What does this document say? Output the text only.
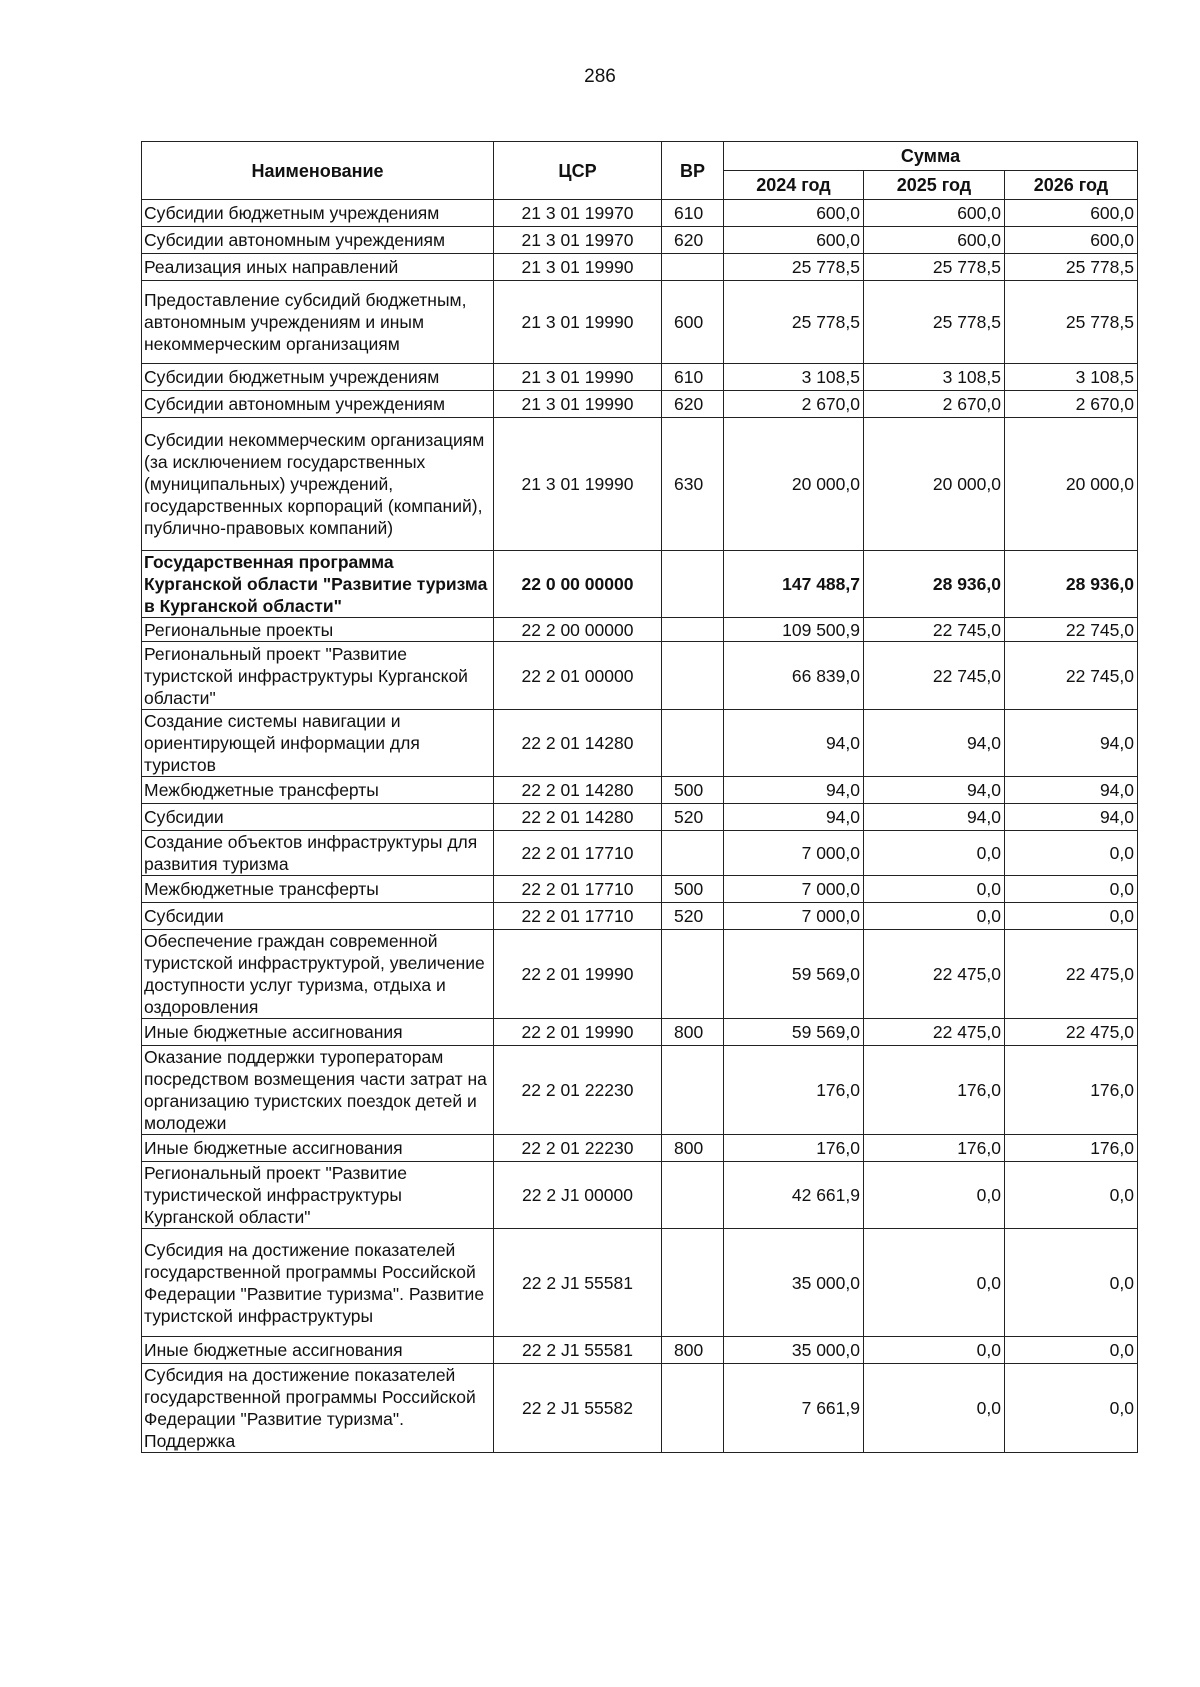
286
Наименование	ЦСР	ВР	Сумма		
			2024 год	2025 год	2026 год
Субсидии бюджетным учреждениям	21 3 01 19970	610	600,0	600,0	600,0
Субсидии автономным учреждениям	21 3 01 19970	620	600,0	600,0	600,0
Реализация иных направлений	21 3 01 19990		25 778,5	25 778,5	25 778,5
Предоставление субсидий бюджетным, автономным учреждениям и иным некоммерческим организациям	21 3 01 19990	600	25 778,5	25 778,5	25 778,5
Субсидии бюджетным учреждениям	21 3 01 19990	610	3 108,5	3 108,5	3 108,5
Субсидии автономным учреждениям	21 3 01 19990	620	2 670,0	2 670,0	2 670,0
Субсидии некоммерческим организациям (за исключением государственных (муниципальных) учреждений, государственных корпораций (компаний), публично-правовых компаний)	21 3 01 19990	630	20 000,0	20 000,0	20 000,0
Государственная программа Курганской области "Развитие туризма в Курганской области"	22 0 00 00000		147 488,7	28 936,0	28 936,0
Региональные проекты	22 2 00 00000		109 500,9	22 745,0	22 745,0
Региональный проект "Развитие туристской инфраструктуры Курганской области"	22 2 01 00000		66 839,0	22 745,0	22 745,0
Создание системы навигации и ориентирующей информации для туристов	22 2 01 14280		94,0	94,0	94,0
Межбюджетные трансферты	22 2 01 14280	500	94,0	94,0	94,0
Субсидии	22 2 01 14280	520	94,0	94,0	94,0
Создание объектов инфраструктуры для развития туризма	22 2 01 17710		7 000,0	0,0	0,0
Межбюджетные трансферты	22 2 01 17710	500	7 000,0	0,0	0,0
Субсидии	22 2 01 17710	520	7 000,0	0,0	0,0
Обеспечение граждан современной туристской инфраструктурой, увеличение доступности услуг туризма, отдыха и оздоровления	22 2 01 19990		59 569,0	22 475,0	22 475,0
Иные бюджетные ассигнования	22 2 01 19990	800	59 569,0	22 475,0	22 475,0
Оказание поддержки туроператорам посредством возмещения части затрат на организацию туристских поездок детей и молодежи	22 2 01 22230		176,0	176,0	176,0
Иные бюджетные ассигнования	22 2 01 22230	800	176,0	176,0	176,0
Региональный проект "Развитие туристической инфраструктуры Курганской области"	22 2 J1 00000		42 661,9	0,0	0,0
Субсидия на достижение показателей государственной программы Российской Федерации "Развитие туризма". Развитие туристской инфраструктуры	22 2 J1 55581		35 000,0	0,0	0,0
Иные бюджетные ассигнования	22 2 J1 55581	800	35 000,0	0,0	0,0
Субсидия на достижение показателей государственной программы Российской Федерации "Развитие туризма". Поддержка	22 2 J1 55582		7 661,9	0,0	0,0
